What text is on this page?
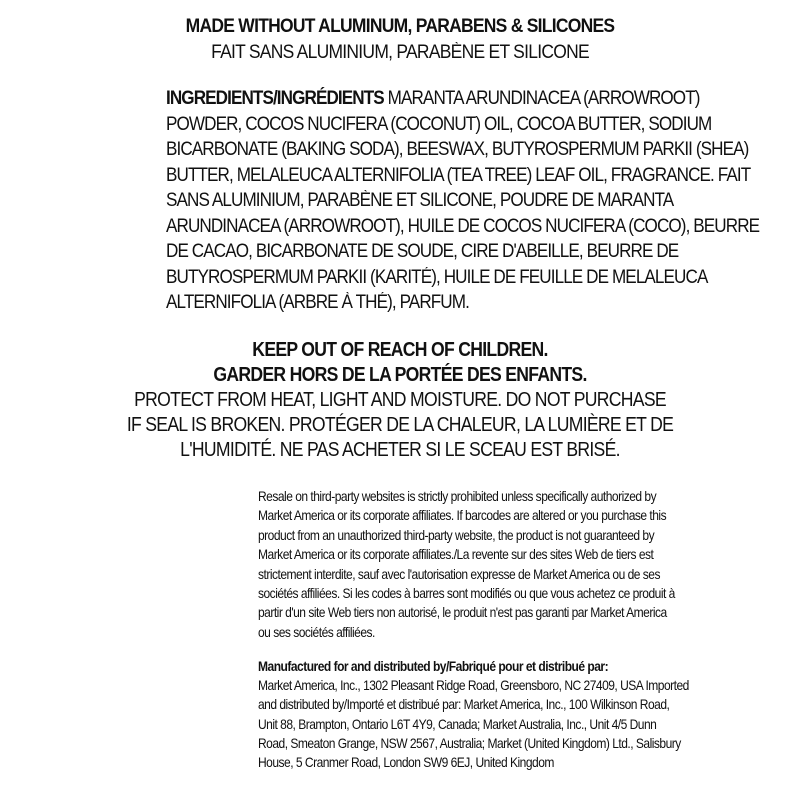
MADE WITHOUT ALUMINUM, PARABENS & SILICONES
FAIT SANS ALUMINIUM, PARABÈNE ET SILICONE
INGREDIENTS/INGRÉDIENTS MARANTA ARUNDINACEA (ARROWROOT)
POWDER, COCOS NUCIFERA (COCONUT) OIL, COCOA BUTTER, SODIUM
BICARBONATE (BAKING SODA), BEESWAX, BUTYROSPERMUM PARKII (SHEA)
BUTTER, MELALEUCA ALTERNIFOLIA (TEA TREE) LEAF OIL, FRAGRANCE. FAIT
SANS ALUMINIUM, PARABÈNE ET SILICONE, POUDRE DE MARANTA
ARUNDINACEA (ARROWROOT), HUILE DE COCOS NUCIFERA (COCO), BEURRE
DE CACAO, BICARBONATE DE SOUDE, CIRE D'ABEILLE, BEURRE DE
BUTYROSPERMUM PARKII (KARITÉ), HUILE DE FEUILLE DE MELALEUCA
ALTERNIFOLIA (ARBRE À THÉ), PARFUM.
KEEP OUT OF REACH OF CHILDREN.
GARDER HORS DE LA PORTÉE DES ENFANTS.
PROTECT FROM HEAT, LIGHT AND MOISTURE. DO NOT PURCHASE
IF SEAL IS BROKEN. PROTÉGER DE LA CHALEUR, LA LUMIÈRE ET DE
L'HUMIDITÉ. NE PAS ACHETER SI LE SCEAU EST BRISÉ.
Resale on third-party websites is strictly prohibited unless specifically authorized by
Market America or its corporate affiliates. If barcodes are altered or you purchase this
product from an unauthorized third-party website, the product is not guaranteed by
Market America or its corporate affiliates./La revente sur des sites Web de tiers est
strictement interdite, sauf avec l'autorisation expresse de Market America ou de ses
sociétés affiliées. Si les codes à barres sont modifiés ou que vous achetez ce produit à
partir d'un site Web tiers non autorisé, le produit n'est pas garanti par Market America
ou ses sociétés affiliées.
Manufactured for and distributed by/Fabriqué pour et distribué par:
Market America, Inc., 1302 Pleasant Ridge Road, Greensboro, NC 27409, USA Imported
and distributed by/Importé et distribué par: Market America, Inc., 100 Wilkinson Road,
Unit 88, Brampton, Ontario L6T 4Y9, Canada; Market Australia, Inc., Unit 4/5 Dunn
Road, Smeaton Grange, NSW 2567, Australia; Market (United Kingdom) Ltd., Salisbury
House, 5 Cranmer Road, London SW9 6EJ, United Kingdom
